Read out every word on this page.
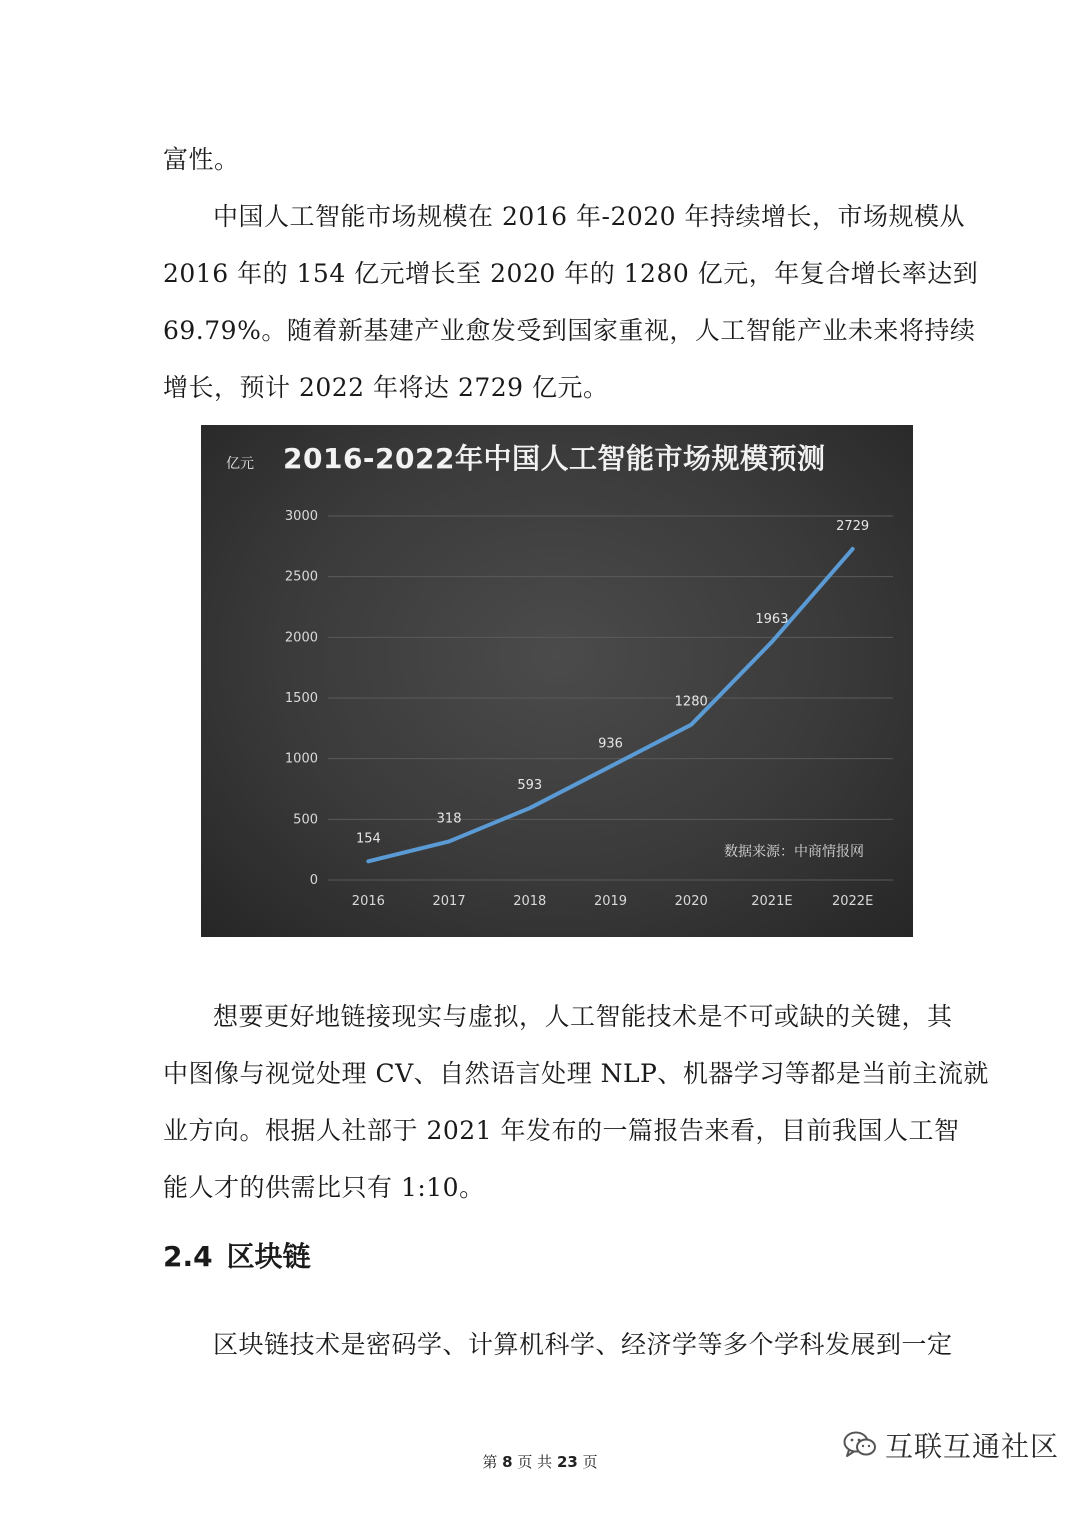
富性。
中国人工智能市场规模在 2016 年-2020 年持续增长，市场规模从
2016 年的 154 亿元增长至 2020 年的 1280 亿元，年复合增长率达到
69.79%。随着新基建产业愈发受到国家重视，人工智能产业未来将持续
增长，预计 2022 年将达 2729 亿元。

0
500
1000
1500
2000
2500
3000
2016	2017	2018	2019	2020	2021E	2022E
154
318
593
936
1280
1963
2729
亿元 2016-2022年中国人工智能市场规模预测
数据来源：中商情报网

想要更好地链接现实与虚拟，人工智能技术是不可或缺的关键，其
中图像与视觉处理 CV、自然语言处理 NLP、机器学习等都是当前主流就
业方向。根据人社部于 2021 年发布的一篇报告来看，目前我国人工智
能人才的供需比只有 1:10。

2.4 区块链

区块链技术是密码学、计算机科学、经济学等多个学科发展到一定

第 8 页 共 23 页	互联互通社区
